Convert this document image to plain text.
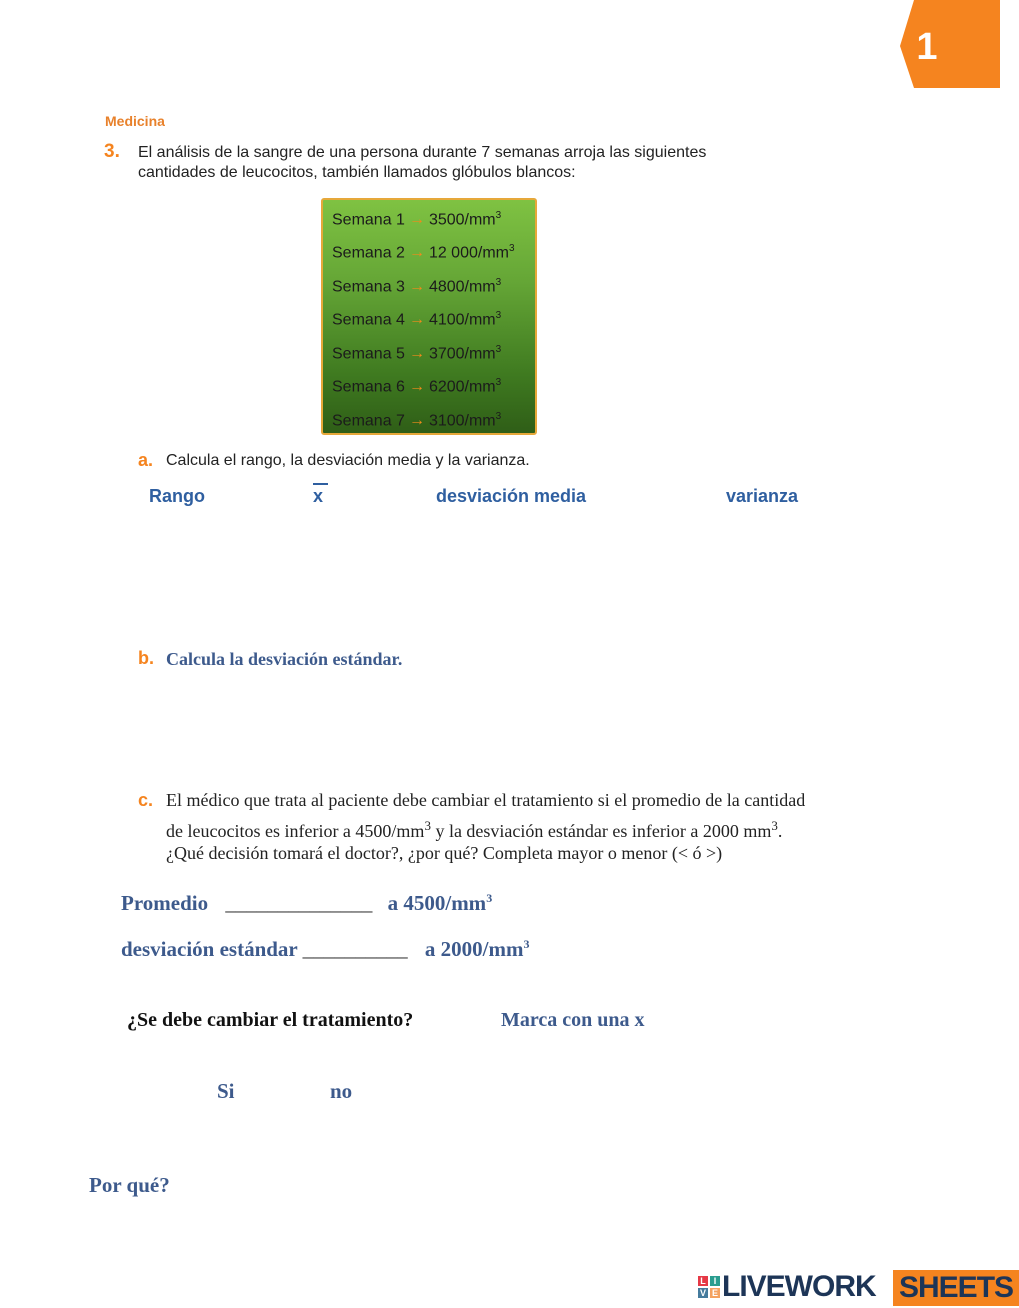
1
Medicina
3. El análisis de la sangre de una persona durante 7 semanas arroja las siguientes
cantidades de leucocitos, también llamados glóbulos blancos:
Semana $1 \to 3500/mm^3$
Semana 2 → 12 $000/mm^3$
Semana $3 \to 4800/mm^3$
Semana $4 \to 4100/mm^3$
Semana $5 \to 3700/mm^3$
Semana $6 \to 6200/mm^3$
Semana $7 \to 3100/mm^3$
a. Calcula el rango, la desviación media y la varianza.
Rango	x	desviación media	varianza
b. Calcula la desviación estándar.
c. El médico que trata al paciente debe cambiar el tratamiento si el promedio de la cantidad
de leucocitos es inferior a $4500/mm^3$ y la desviación estándar es inferior a 2000 $mm^3$.
¿Qué decisión tomará el doctor?, ¿por qué? Completa mayor o menor (< ó >)
Promedio ______________ a $4500/mm^3$
desviación estándar __________ a $2000/mm^3$
¿Se debe cambiar el tratamiento?	Marca con una x
Si	no
Por qué?
L I
V E LIVEWORK SHEETS
